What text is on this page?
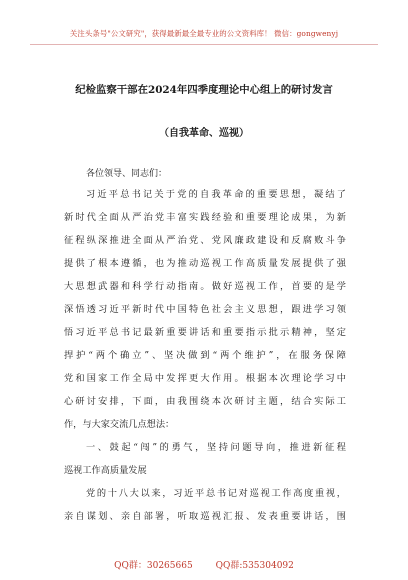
关注头条号"公文研究"，获得最新最全最专业的公文资料库！ 微信：gongwenyj
纪检监察干部在2024年四季度理论中心组上的研讨发言
（自我革命、巡视）
各位领导、同志们：
习近平总书记关于党的自我革命的重要思想，凝结了
新时代全面从严治党丰富实践经验和重要理论成果，为新
征程纵深推进全面从严治党、党风廉政建设和反腐败斗争
提供了根本遵循，也为推动巡视工作高质量发展提供了强
大思想武器和科学行动指南。做好巡视工作，首要的是学
深悟透习近平新时代中国特色社会主义思想，跟进学习领
悟习近平总书记最新重要讲话和重要指示批示精神，坚定
捍护“两个确立”、坚决做到“两个维护”，在服务保障
党和国家工作全局中发挥更大作用。根据本次理论学习中
心研讨安排，下面，由我围绕本次研讨主题，结合实际工
作，与大家交流几点想法：
一、鼓起“闯”的勇气，坚持问题导向，推进新征程
巡视工作高质量发展
党的十八大以来，习近平总书记对巡视工作高度重视，
亲自谋划、亲自部署，听取巡视汇报、发表重要讲话，围
QQ群：30265665	QQ群:535304092
